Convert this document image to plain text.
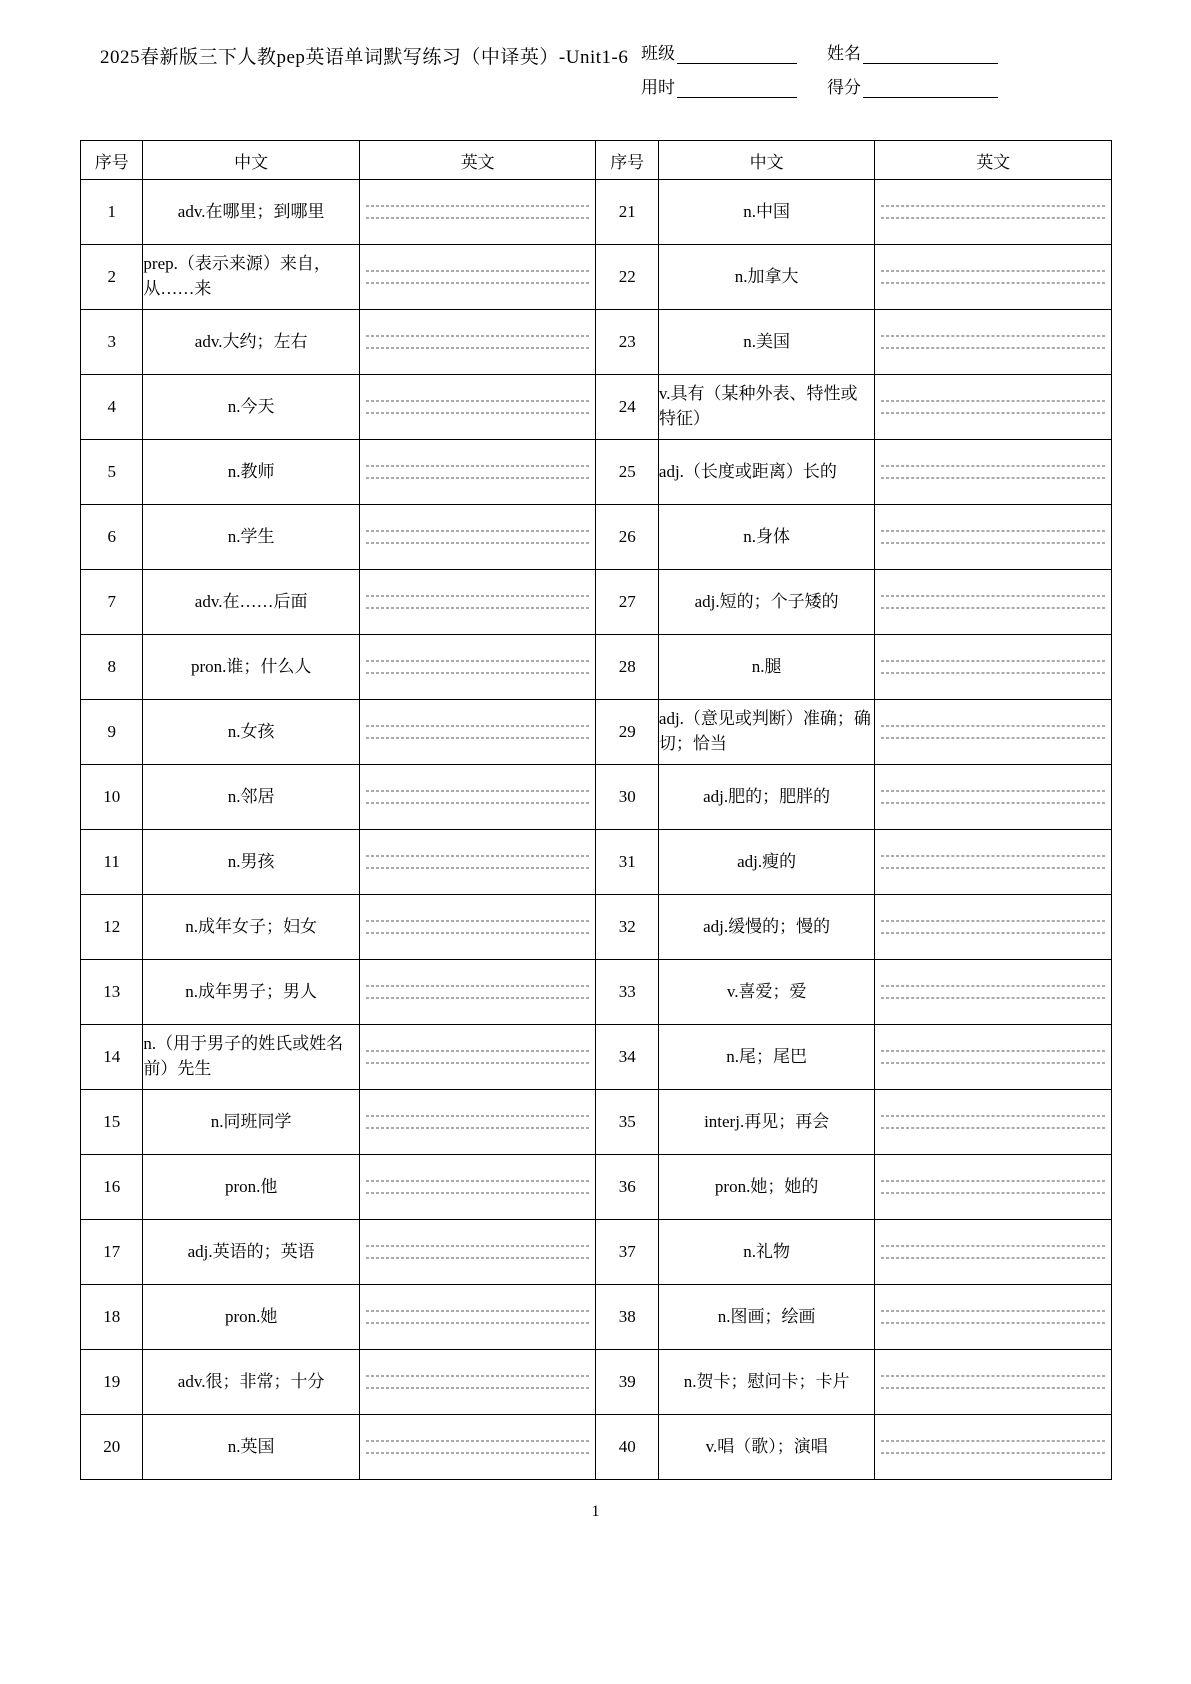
2025春新版三下人教pep英语单词默写练习（中译英）-Unit1-6 班级	姓名
用时	得分
序号	中文	英文	序号	中文	英文
1	adv.在哪里；到哪里		21	n.中国	

2	prep.（表示来源）来自，从……来		22	n.加拿大	

3	adv.大约；左右		23	n.美国	

4	n.今天		24	v.具有（某种外表、特性或特征）	

5	n.教师		25	adj.（长度或距离）长的	

6	n.学生		26	n.身体	

7	adv.在……后面		27	adj.短的；个子矮的	

8	pron.谁；什么人		28	n.腿	

9	n.女孩		29	adj.（意见或判断）准确；确切；恰当	

10	n.邻居		30	adj.肥的；肥胖的	

11	n.男孩		31	adj.瘦的	

12	n.成年女子；妇女		32	adj.缓慢的；慢的	

13	n.成年男子；男人		33	v.喜爱；爱	

14	n.（用于男子的姓氏或姓名前）先生		34	n.尾；尾巴	

15	n.同班同学		35	interj.再见；再会	

16	pron.他		36	pron.她；她的	

17	adj.英语的；英语		37	n.礼物	

18	pron.她		38	n.图画；绘画	

19	adv.很；非常；十分		39	n.贺卡；慰问卡；卡片	

20	n.英国		40	v.唱（歌）；演唱	
1
